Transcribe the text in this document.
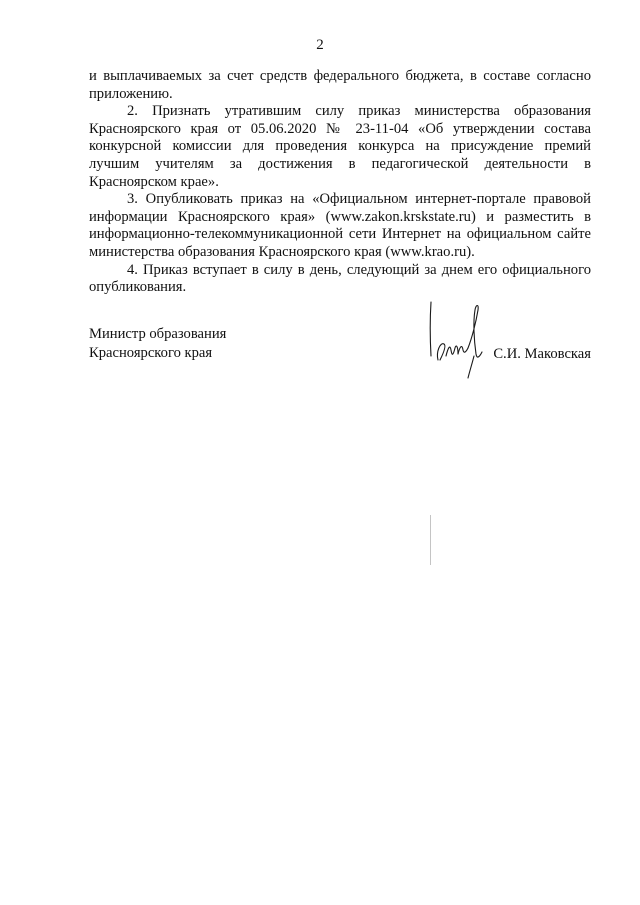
2

и выплачиваемых за счет средств федерального бюджета, в составе согласно приложению.

2. Признать утратившим силу приказ министерства образования Красноярского края от 05.06.2020 № 23-11-04 «Об утверждении состава конкурсной комиссии для проведения конкурса на присуждение премий лучшим учителям за достижения в педагогической деятельности в Красноярском крае».

3. Опубликовать приказ на «Официальном интернет-портале правовой информации Красноярского края» (www.zakon.krskstate.ru) и разместить в информационно-телекоммуникационной сети Интернет на официальном сайте министерства образования Красноярского края (www.krao.ru).

4. Приказ вступает в силу в день, следующий за днем его официального опубликования.

Министр образования
Красноярского края	С.И. Маковская
